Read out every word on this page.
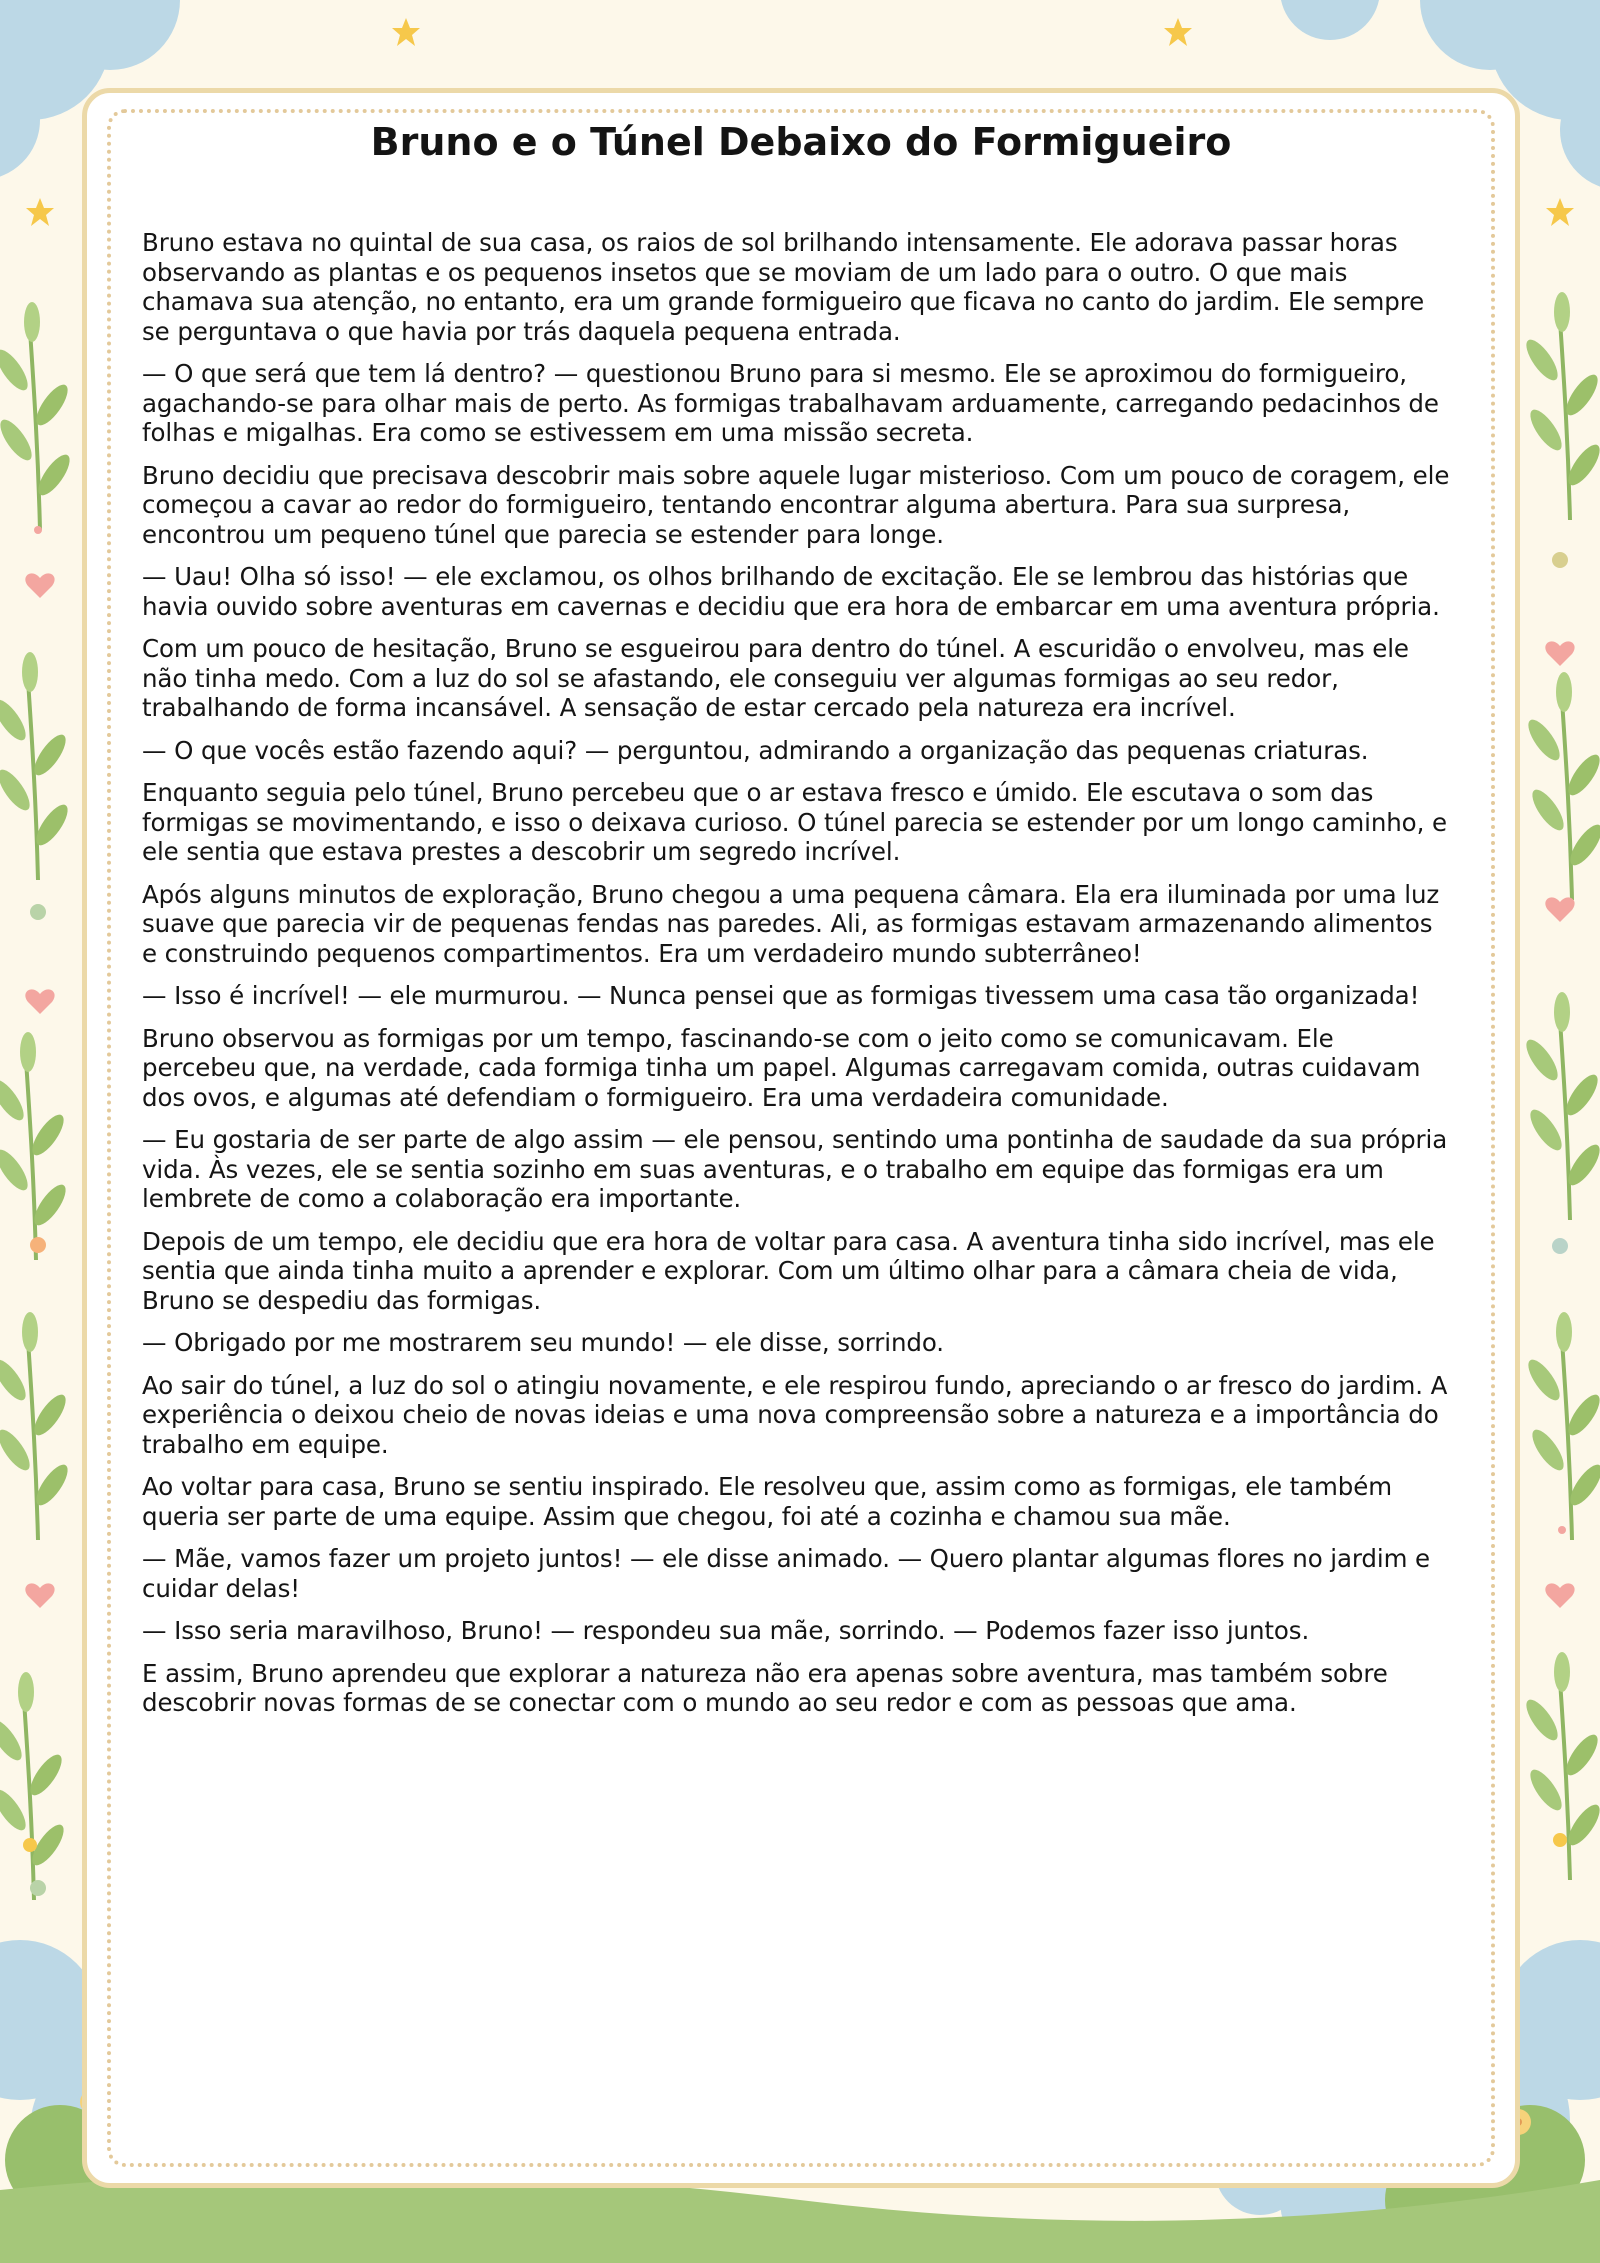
Bruno e o Túnel Debaixo do Formigueiro

Bruno estava no quintal de sua casa, os raios de sol brilhando intensamente. Ele adorava passar horas observando as plantas e os pequenos insetos que se moviam de um lado para o outro. O que mais chamava sua atenção, no entanto, era um grande formigueiro que ficava no canto do jardim. Ele sempre se perguntava o que havia por trás daquela pequena entrada.

— O que será que tem lá dentro? — questionou Bruno para si mesmo. Ele se aproximou do formigueiro, agachando-se para olhar mais de perto. As formigas trabalhavam arduamente, carregando pedacinhos de folhas e migalhas. Era como se estivessem em uma missão secreta.

Bruno decidiu que precisava descobrir mais sobre aquele lugar misterioso. Com um pouco de coragem, ele começou a cavar ao redor do formigueiro, tentando encontrar alguma abertura. Para sua surpresa, encontrou um pequeno túnel que parecia se estender para longe.

— Uau! Olha só isso! — ele exclamou, os olhos brilhando de excitação. Ele se lembrou das histórias que havia ouvido sobre aventuras em cavernas e decidiu que era hora de embarcar em uma aventura própria.

Com um pouco de hesitação, Bruno se esgueirou para dentro do túnel. A escuridão o envolveu, mas ele não tinha medo. Com a luz do sol se afastando, ele conseguiu ver algumas formigas ao seu redor, trabalhando de forma incansável. A sensação de estar cercado pela natureza era incrível.

— O que vocês estão fazendo aqui? — perguntou, admirando a organização das pequenas criaturas.

Enquanto seguia pelo túnel, Bruno percebeu que o ar estava fresco e úmido. Ele escutava o som das formigas se movimentando, e isso o deixava curioso. O túnel parecia se estender por um longo caminho, e ele sentia que estava prestes a descobrir um segredo incrível.

Após alguns minutos de exploração, Bruno chegou a uma pequena câmara. Ela era iluminada por uma luz suave que parecia vir de pequenas fendas nas paredes. Ali, as formigas estavam armazenando alimentos e construindo pequenos compartimentos. Era um verdadeiro mundo subterrâneo!

— Isso é incrível! — ele murmurou. — Nunca pensei que as formigas tivessem uma casa tão organizada!

Bruno observou as formigas por um tempo, fascinando-se com o jeito como se comunicavam. Ele percebeu que, na verdade, cada formiga tinha um papel. Algumas carregavam comida, outras cuidavam dos ovos, e algumas até defendiam o formigueiro. Era uma verdadeira comunidade.

— Eu gostaria de ser parte de algo assim — ele pensou, sentindo uma pontinha de saudade da sua própria vida. Às vezes, ele se sentia sozinho em suas aventuras, e o trabalho em equipe das formigas era um lembrete de como a colaboração era importante.

Depois de um tempo, ele decidiu que era hora de voltar para casa. A aventura tinha sido incrível, mas ele sentia que ainda tinha muito a aprender e explorar. Com um último olhar para a câmara cheia de vida, Bruno se despediu das formigas.

— Obrigado por me mostrarem seu mundo! — ele disse, sorrindo.

Ao sair do túnel, a luz do sol o atingiu novamente, e ele respirou fundo, apreciando o ar fresco do jardim. A experiência o deixou cheio de novas ideias e uma nova compreensão sobre a natureza e a importância do trabalho em equipe.

Ao voltar para casa, Bruno se sentiu inspirado. Ele resolveu que, assim como as formigas, ele também queria ser parte de uma equipe. Assim que chegou, foi até a cozinha e chamou sua mãe.

— Mãe, vamos fazer um projeto juntos! — ele disse animado. — Quero plantar algumas flores no jardim e cuidar delas!

— Isso seria maravilhoso, Bruno! — respondeu sua mãe, sorrindo. — Podemos fazer isso juntos.

E assim, Bruno aprendeu que explorar a natureza não era apenas sobre aventura, mas também sobre descobrir novas formas de se conectar com o mundo ao seu redor e com as pessoas que ama.
